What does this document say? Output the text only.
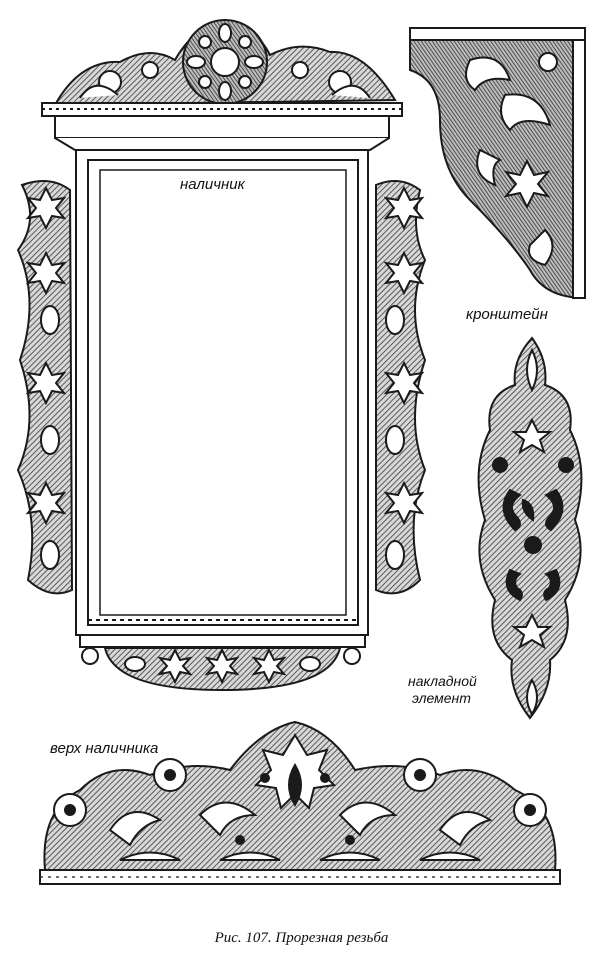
наличник
кронштейн
накладной
элемент
верх наличника
Рис. 107. Прорезная резьба
